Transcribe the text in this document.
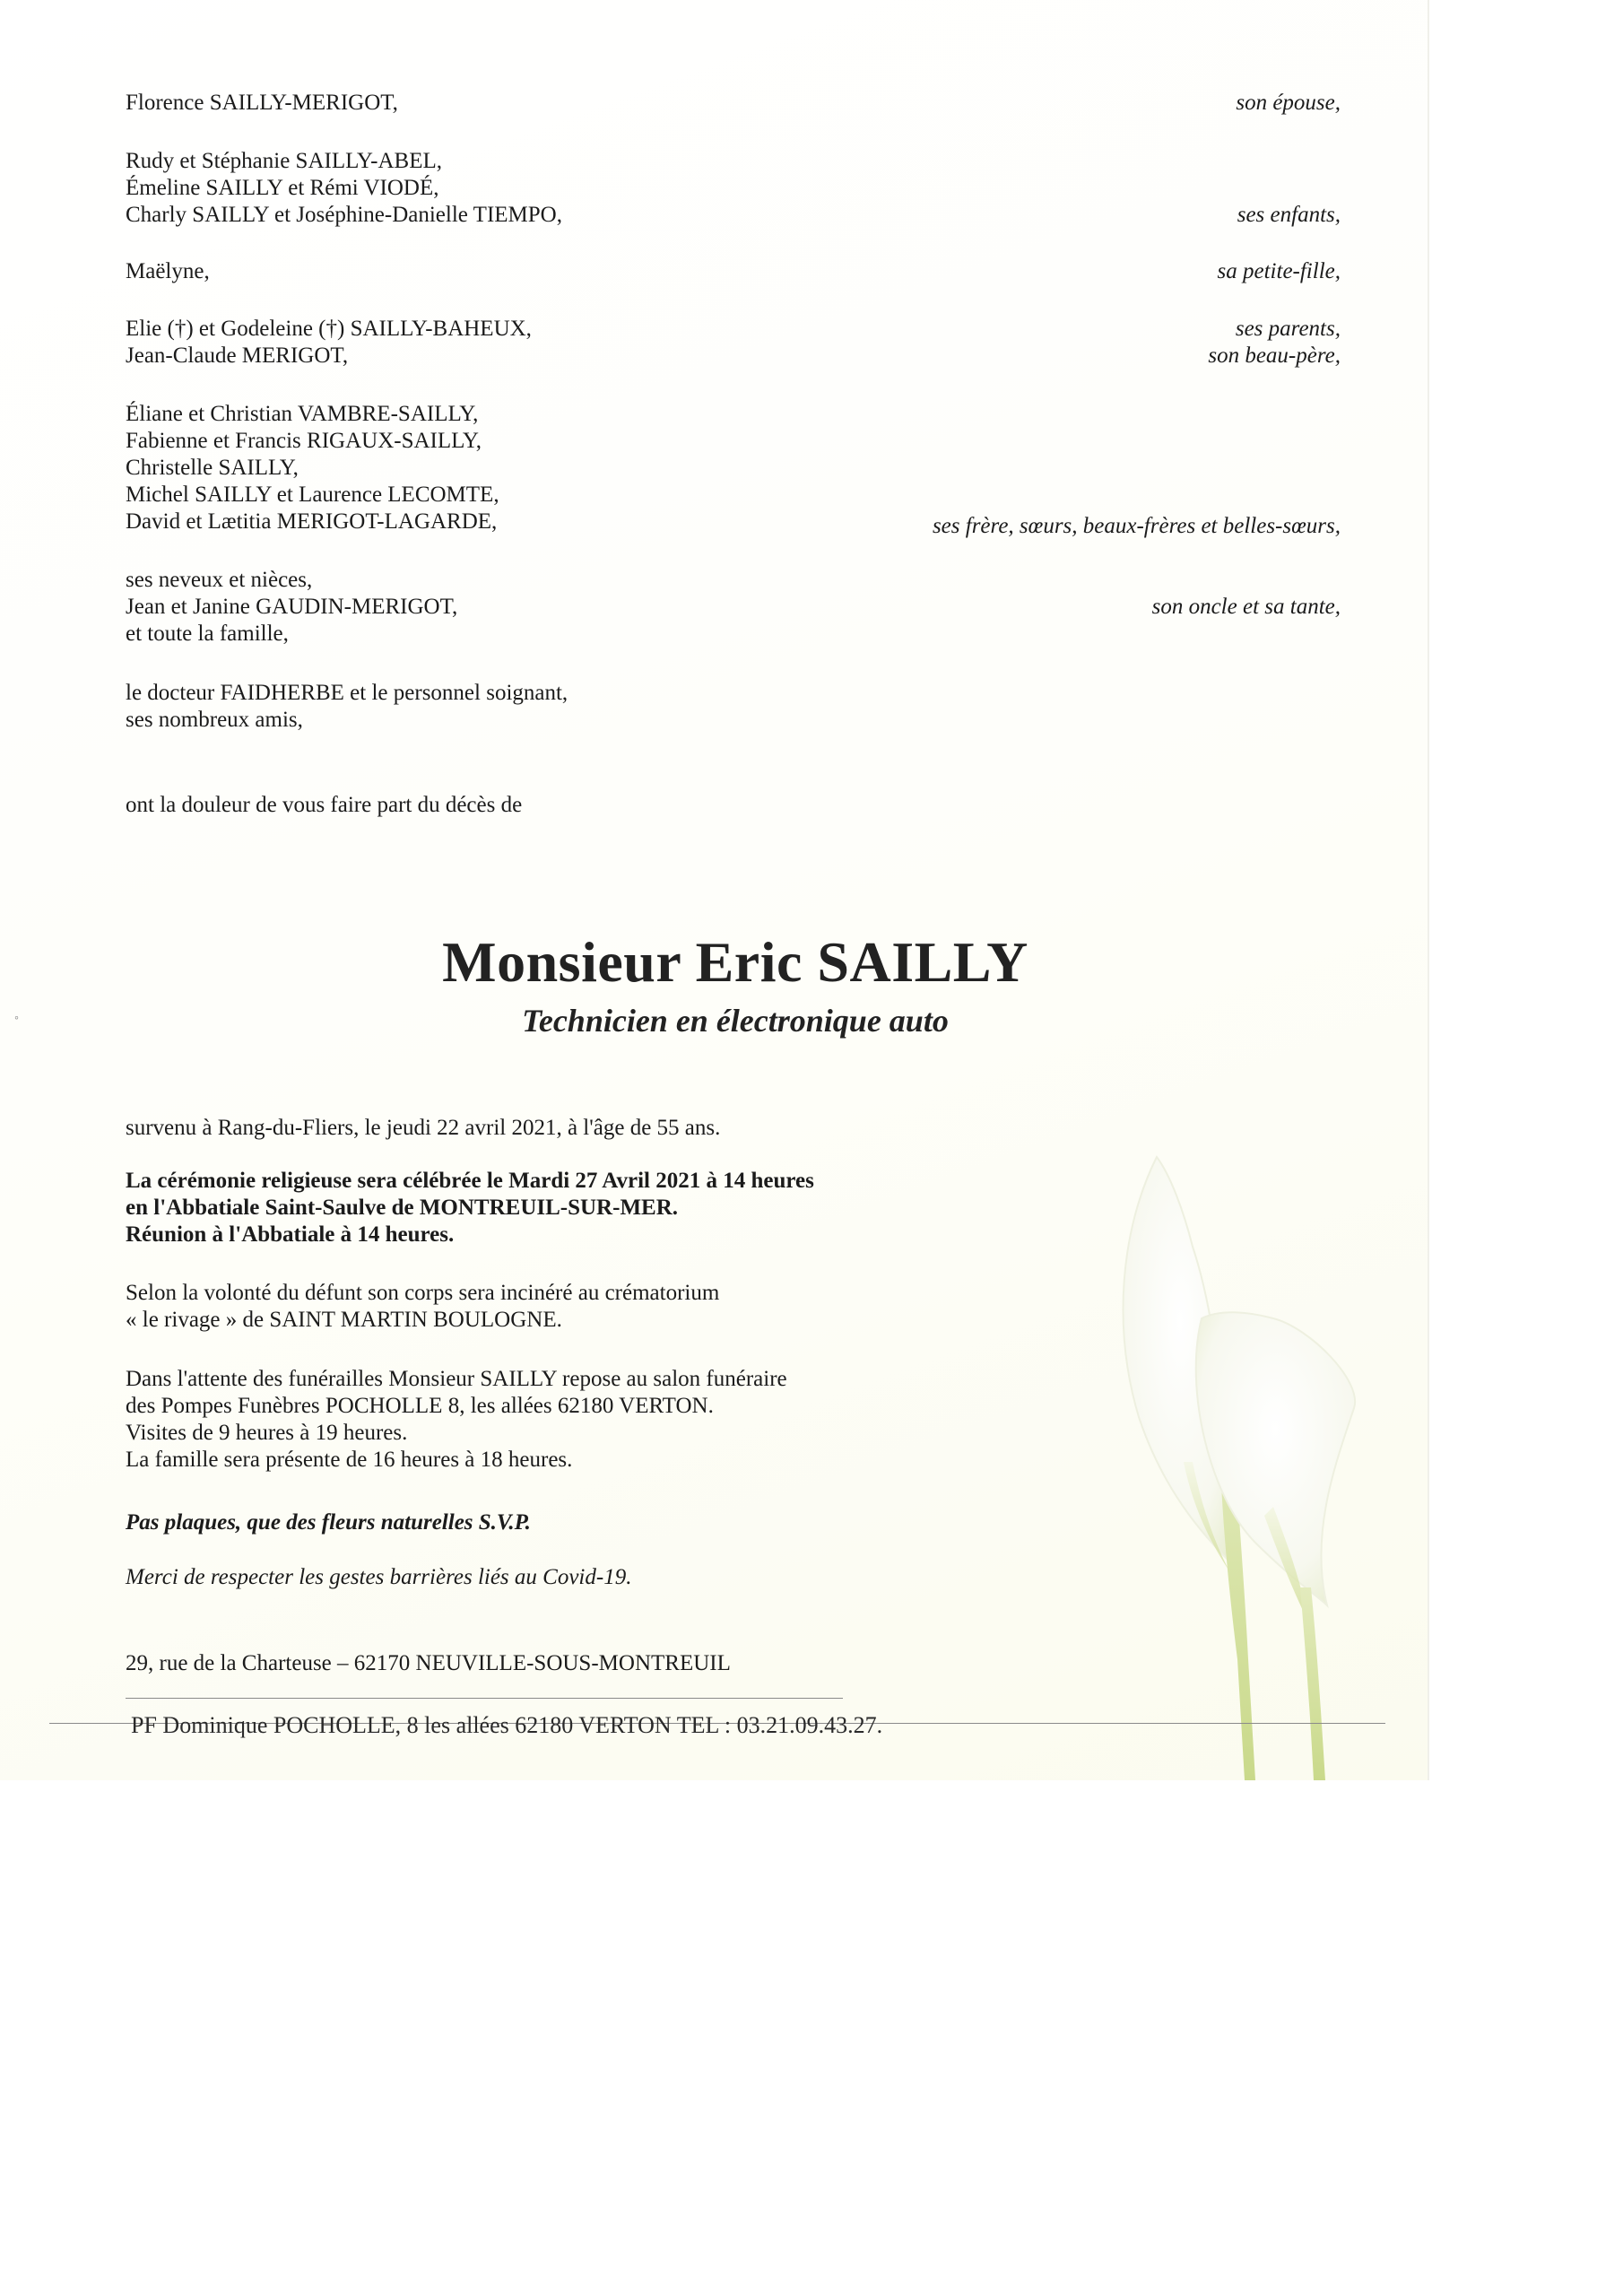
Florence SAILLY-MERIGOT,	son épouse,
Rudy et Stéphanie SAILLY-ABEL,
Émeline SAILLY et Rémi VIODÉ,
Charly SAILLY et Joséphine-Danielle TIEMPO,	ses enfants,
Maëlyne,	sa petite-fille,
Elie (†) et Godeleine (†) SAILLY-BAHEUX,	ses parents,
Jean-Claude MERIGOT,	son beau-père,
Éliane et Christian VAMBRE-SAILLY,
Fabienne et Francis RIGAUX-SAILLY,
Christelle SAILLY,
Michel SAILLY et Laurence LECOMTE,
David et Lætitia MERIGOT-LAGARDE,	ses frère, sœurs, beaux-frères et belles-sœurs,
ses neveux et nièces,
Jean et Janine GAUDIN-MERIGOT,	son oncle et sa tante,
et toute la famille,
le docteur FAIDHERBE et le personnel soignant,
ses nombreux amis,
ont la douleur de vous faire part du décès de
◦
Monsieur Eric SAILLY
Technicien en électronique auto
survenu à Rang-du-Fliers, le jeudi 22 avril 2021, à l'âge de 55 ans.
La cérémonie religieuse sera célébrée le Mardi 27 Avril 2021 à 14 heures
en l'Abbatiale Saint-Saulve de MONTREUIL-SUR-MER.
Réunion à l'Abbatiale à 14 heures.
Selon la volonté du défunt son corps sera incinéré au crématorium
« le rivage » de SAINT MARTIN BOULOGNE.
Dans l'attente des funérailles Monsieur SAILLY repose au salon funéraire
des Pompes Funèbres POCHOLLE 8, les allées 62180 VERTON.
Visites de 9 heures à 19 heures.
La famille sera présente de 16 heures à 18 heures.
Pas plaques, que des fleurs naturelles S.V.P.
Merci de respecter les gestes barrières liés au Covid-19.
29, rue de la Charteuse – 62170 NEUVILLE-SOUS-MONTREUIL
PF Dominique POCHOLLE, 8 les allées 62180 VERTON TEL : 03.21.09.43.27.
